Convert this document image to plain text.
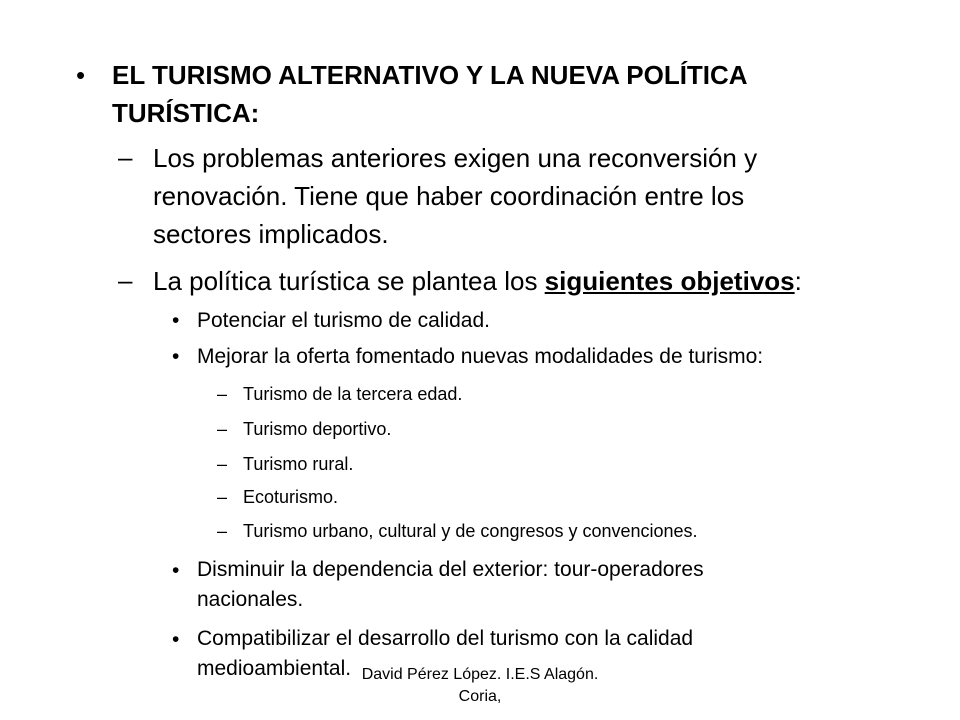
• EL TURISMO ALTERNATIVO Y LA NUEVA POLÍTICA
TURÍSTICA:
– Los problemas anteriores exigen una reconversión y
renovación. Tiene que haber coordinación entre los
sectores implicados.
– La política turística se plantea los siguientes objetivos:
• Potenciar el turismo de calidad.
• Mejorar la oferta fomentado nuevas modalidades de turismo:
– Turismo de la tercera edad.
– Turismo deportivo.
– Turismo rural.
– Ecoturismo.
– Turismo urbano, cultural y de congresos y convenciones.
• Disminuir la dependencia del exterior: tour-operadores
nacionales.
• Compatibilizar el desarrollo del turismo con la calidad
medioambiental. David Pérez López. I.E.S Alagón.
Coria,
